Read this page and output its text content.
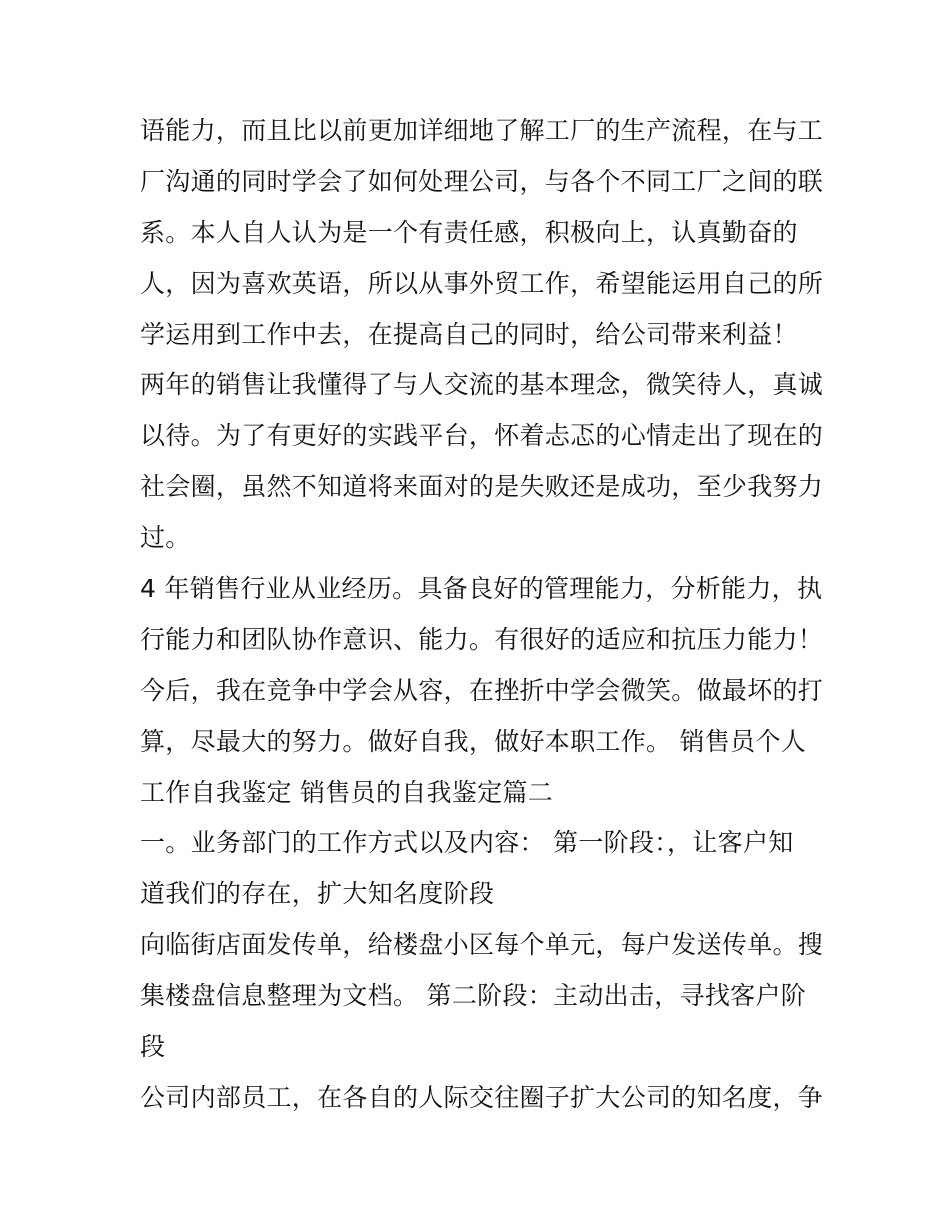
语能力，而且比以前更加详细地了解工厂的生产流程，在与工
厂沟通的同时学会了如何处理公司，与各个不同工厂之间的联
系。本人自人认为是一个有责任感，积极向上，认真勤奋的
人，因为喜欢英语，所以从事外贸工作，希望能运用自己的所
学运用到工作中去，在提高自己的同时，给公司带来利益！
两年的销售让我懂得了与人交流的基本理念，微笑待人，真诚
以待。为了有更好的实践平台，怀着忐忑的心情走出了现在的
社会圈，虽然不知道将来面对的是失败还是成功，至少我努力
过。
4 年销售行业从业经历。具备良好的管理能力，分析能力，执
行能力和团队协作意识、能力。有很好的适应和抗压力能力！
今后，我在竞争中学会从容，在挫折中学会微笑。做最坏的打
算，尽最大的努力。做好自我，做好本职工作。 销售员个人
工作自我鉴定 销售员的自我鉴定篇二
一。业务部门的工作方式以及内容： 第一阶段：，让客户知
道我们的存在，扩大知名度阶段
向临街店面发传单，给楼盘小区每个单元，每户发送传单。搜
集楼盘信息整理为文档。 第二阶段：主动出击，寻找客户阶
段
公司内部员工，在各自的人际交往圈子扩大公司的知名度，争
